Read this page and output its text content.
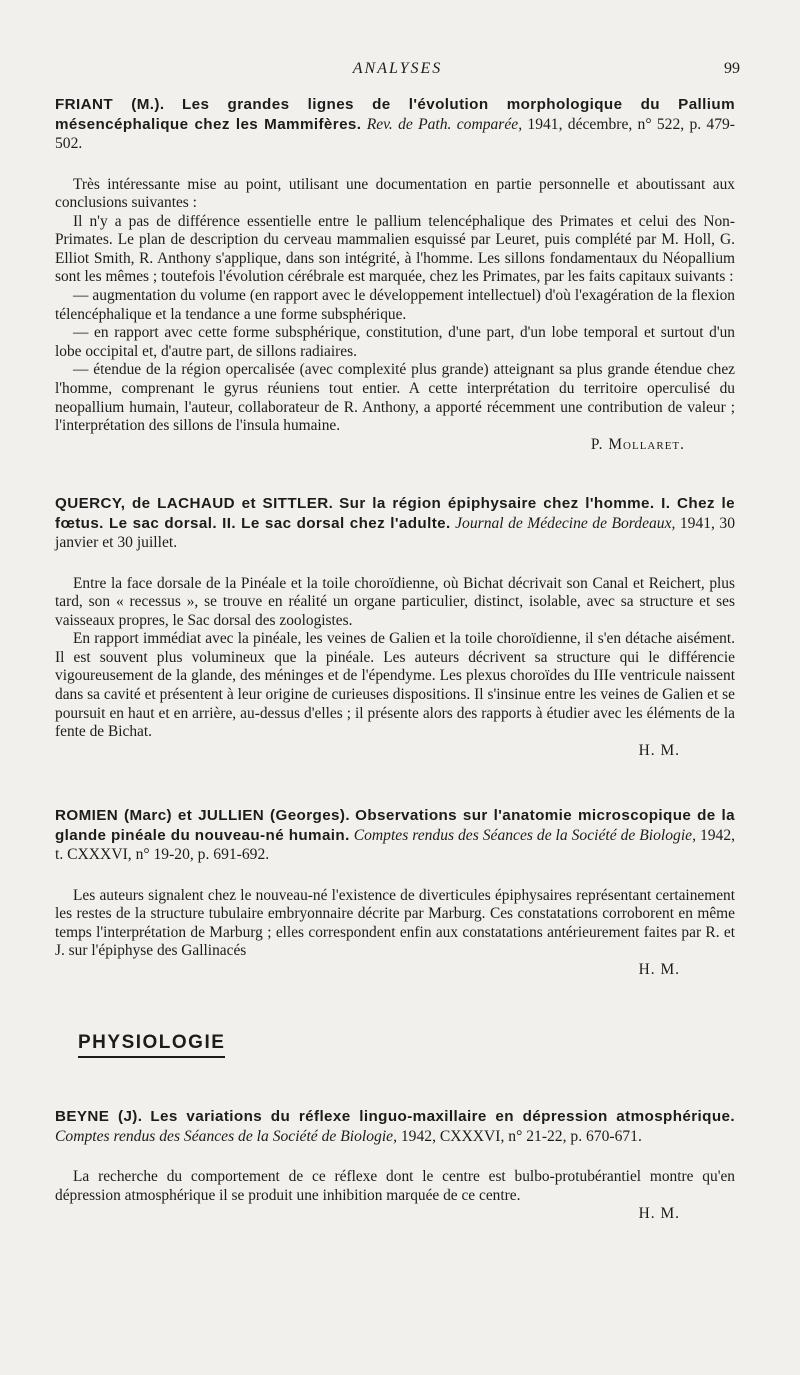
ANALYSES	99

FRIANT (M.). Les grandes lignes de l'évolution morphologique du Pallium mésencéphalique chez les Mammifères. Rev. de Path. comparée, 1941, décembre, n° 522, p. 479-502.

Très intéressante mise au point, utilisant une documentation en partie personnelle et aboutissant aux conclusions suivantes :

Il n'y a pas de différence essentielle entre le pallium telencéphalique des Primates et celui des Non-Primates. Le plan de description du cerveau mammalien esquissé par Leuret, puis complété par M. Holl, G. Elliot Smith, R. Anthony s'applique, dans son intégrité, à l'homme. Les sillons fondamentaux du Néopallium sont les mêmes ; toutefois l'évolution cérébrale est marquée, chez les Primates, par les faits capitaux suivants :

— augmentation du volume (en rapport avec le développement intellectuel) d'où l'exagération de la flexion télencéphalique et la tendance a une forme subsphérique.

— en rapport avec cette forme subsphérique, constitution, d'une part, d'un lobe temporal et surtout d'un lobe occipital et, d'autre part, de sillons radiaires.

— étendue de la région opercalisée (avec complexité plus grande) atteignant sa plus grande étendue chez l'homme, comprenant le gyrus réuniens tout entier. A cette interprétation du territoire operculisé du neopallium humain, l'auteur, collaborateur de R. Anthony, a apporté récemment une contribution de valeur ; l'interprétation des sillons de l'insula humaine.

P. Mollaret.

QUERCY, de LACHAUD et SITTLER. Sur la région épiphysaire chez l'homme. I. Chez le fœtus. Le sac dorsal. II. Le sac dorsal chez l'adulte. Journal de Médecine de Bordeaux, 1941, 30 janvier et 30 juillet.

Entre la face dorsale de la Pinéale et la toile choroïdienne, où Bichat décrivait son Canal et Reichert, plus tard, son « recessus », se trouve en réalité un organe particulier, distinct, isolable, avec sa structure et ses vaisseaux propres, le Sac dorsal des zoologistes.

En rapport immédiat avec la pinéale, les veines de Galien et la toile choroïdienne, il s'en détache aisément. Il est souvent plus volumineux que la pinéale. Les auteurs décrivent sa structure qui le différencie vigoureusement de la glande, des méninges et de l'épendyme. Les plexus choroïdes du IIIe ventricule naissent dans sa cavité et présentent à leur origine de curieuses dispositions. Il s'insinue entre les veines de Galien et se poursuit en haut et en arrière, au-dessus d'elles ; il présente alors des rapports à étudier avec les éléments de la fente de Bichat.

H. M.

ROMIEN (Marc) et JULLIEN (Georges). Observations sur l'anatomie microscopique de la glande pinéale du nouveau-né humain. Comptes rendus des Séances de la Société de Biologie, 1942, t. CXXXVI, n° 19-20, p. 691-692.

Les auteurs signalent chez le nouveau-né l'existence de diverticules épiphysaires représentant certainement les restes de la structure tubulaire embryonnaire décrite par Marburg. Ces constatations corroborent en même temps l'interprétation de Marburg ; elles correspondent enfin aux constatations antérieurement faites par R. et J. sur l'épiphyse des Gallinacés

H. M.
PHYSIOLOGIE

BEYNE (J). Les variations du réflexe linguo-maxillaire en dépression atmosphérique. Comptes rendus des Séances de la Société de Biologie, 1942, CXXXVI, n° 21-22, p. 670-671.

La recherche du comportement de ce réflexe dont le centre est bulbo-protubérantiel montre qu'en dépression atmosphérique il se produit une inhibition marquée de ce centre.

H. M.
